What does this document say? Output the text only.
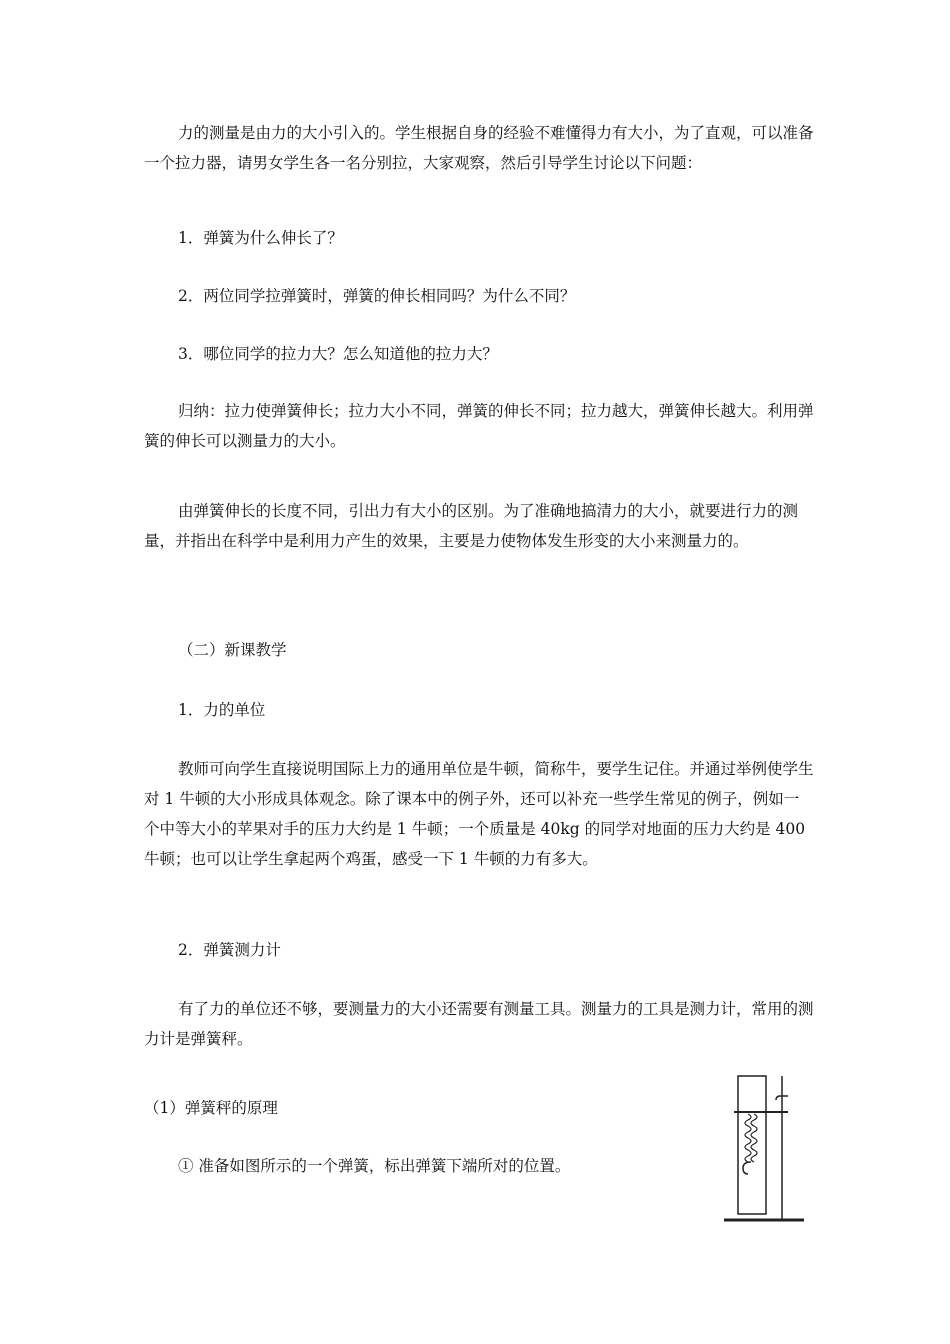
力的测量是由力的大小引入的。学生根据自身的经验不难懂得力有大小，为了直观，可以准备一个拉力器，请男女学生各一名分别拉，大家观察，然后引导学生讨论以下问题：
1．弹簧为什么伸长了？
2．两位同学拉弹簧时，弹簧的伸长相同吗？为什么不同？
3．哪位同学的拉力大？怎么知道他的拉力大？
归纳：拉力使弹簧伸长；拉力大小不同，弹簧的伸长不同；拉力越大，弹簧伸长越大。利用弹簧的伸长可以测量力的大小。
由弹簧伸长的长度不同，引出力有大小的区别。为了准确地搞清力的大小，就要进行力的测量，并指出在科学中是利用力产生的效果，主要是力使物体发生形变的大小来测量力的。
（二）新课教学
1．力的单位
教师可向学生直接说明国际上力的通用单位是牛顿，简称牛，要学生记住。并通过举例使学生对 1 牛顿的大小形成具体观念。除了课本中的例子外，还可以补充一些学生常见的例子，例如一个中等大小的苹果对手的压力大约是 1 牛顿；一个质量是 40kg 的同学对地面的压力大约是 400 牛顿；也可以让学生拿起两个鸡蛋，感受一下 1 牛顿的力有多大。
2．弹簧测力计
有了力的单位还不够，要测量力的大小还需要有测量工具。测量力的工具是测力计，常用的测力计是弹簧秤。
（1）弹簧秤的原理
① 准备如图所示的一个弹簧，标出弹簧下端所对的位置。
